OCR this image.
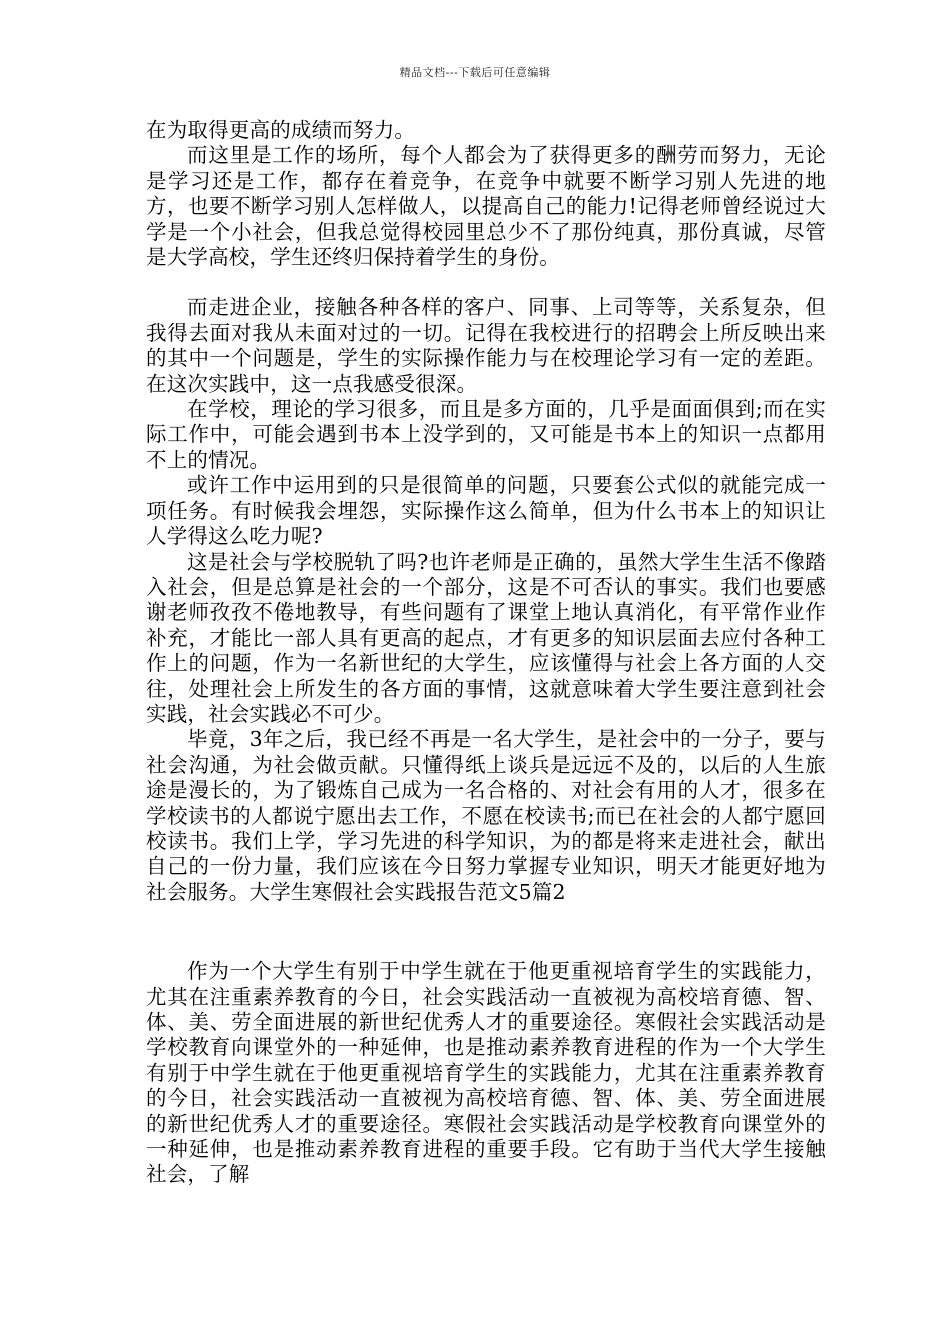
精品文档---下载后可任意编辑

在为取得更高的成绩而努力。

而这里是工作的场所，每个人都会为了获得更多的酬劳而努力，无论是学习还是工作，都存在着竞争，在竞争中就要不断学习别人先进的地方，也要不断学习别人怎样做人，以提高自己的能力!记得老师曾经说过大学是一个小社会，但我总觉得校园里总少不了那份纯真，那份真诚，尽管是大学高校，学生还终归保持着学生的身份。

而走进企业，接触各种各样的客户、同事、上司等等，关系复杂，但我得去面对我从未面对过的一切。记得在我校进行的招聘会上所反映出来的其中一个问题是，学生的实际操作能力与在校理论学习有一定的差距。在这次实践中，这一点我感受很深。

在学校，理论的学习很多，而且是多方面的，几乎是面面俱到;而在实际工作中，可能会遇到书本上没学到的，又可能是书本上的知识一点都用不上的情况。

或许工作中运用到的只是很简单的问题，只要套公式似的就能完成一项任务。有时候我会埋怨，实际操作这么简单，但为什么书本上的知识让人学得这么吃力呢?

这是社会与学校脱轨了吗?也许老师是正确的，虽然大学生生活不像踏入社会，但是总算是社会的一个部分，这是不可否认的事实。我们也要感谢老师孜孜不倦地教导，有些问题有了课堂上地认真消化，有平常作业作补充，才能比一部人具有更高的起点，才有更多的知识层面去应付各种工作上的问题，作为一名新世纪的大学生，应该懂得与社会上各方面的人交往，处理社会上所发生的各方面的事情，这就意味着大学生要注意到社会实践，社会实践必不可少。

毕竟，3年之后，我已经不再是一名大学生，是社会中的一分子，要与社会沟通，为社会做贡献。只懂得纸上谈兵是远远不及的，以后的人生旅途是漫长的，为了锻炼自己成为一名合格的、对社会有用的人才，很多在学校读书的人都说宁愿出去工作，不愿在校读书;而已在社会的人都宁愿回校读书。我们上学，学习先进的科学知识，为的都是将来走进社会，献出自己的一份力量，我们应该在今日努力掌握专业知识，明天才能更好地为社会服务。大学生寒假社会实践报告范文5篇2

作为一个大学生有别于中学生就在于他更重视培育学生的实践能力，尤其在注重素养教育的今日，社会实践活动一直被视为高校培育德、智、体、美、劳全面进展的新世纪优秀人才的重要途径。寒假社会实践活动是学校教育向课堂外的一种延伸，也是推动素养教育进程的作为一个大学生有别于中学生就在于他更重视培育学生的实践能力，尤其在注重素养教育的今日，社会实践活动一直被视为高校培育德、智、体、美、劳全面进展的新世纪优秀人才的重要途径。寒假社会实践活动是学校教育向课堂外的一种延伸，也是推动素养教育进程的重要手段。它有助于当代大学生接触社会，了解
